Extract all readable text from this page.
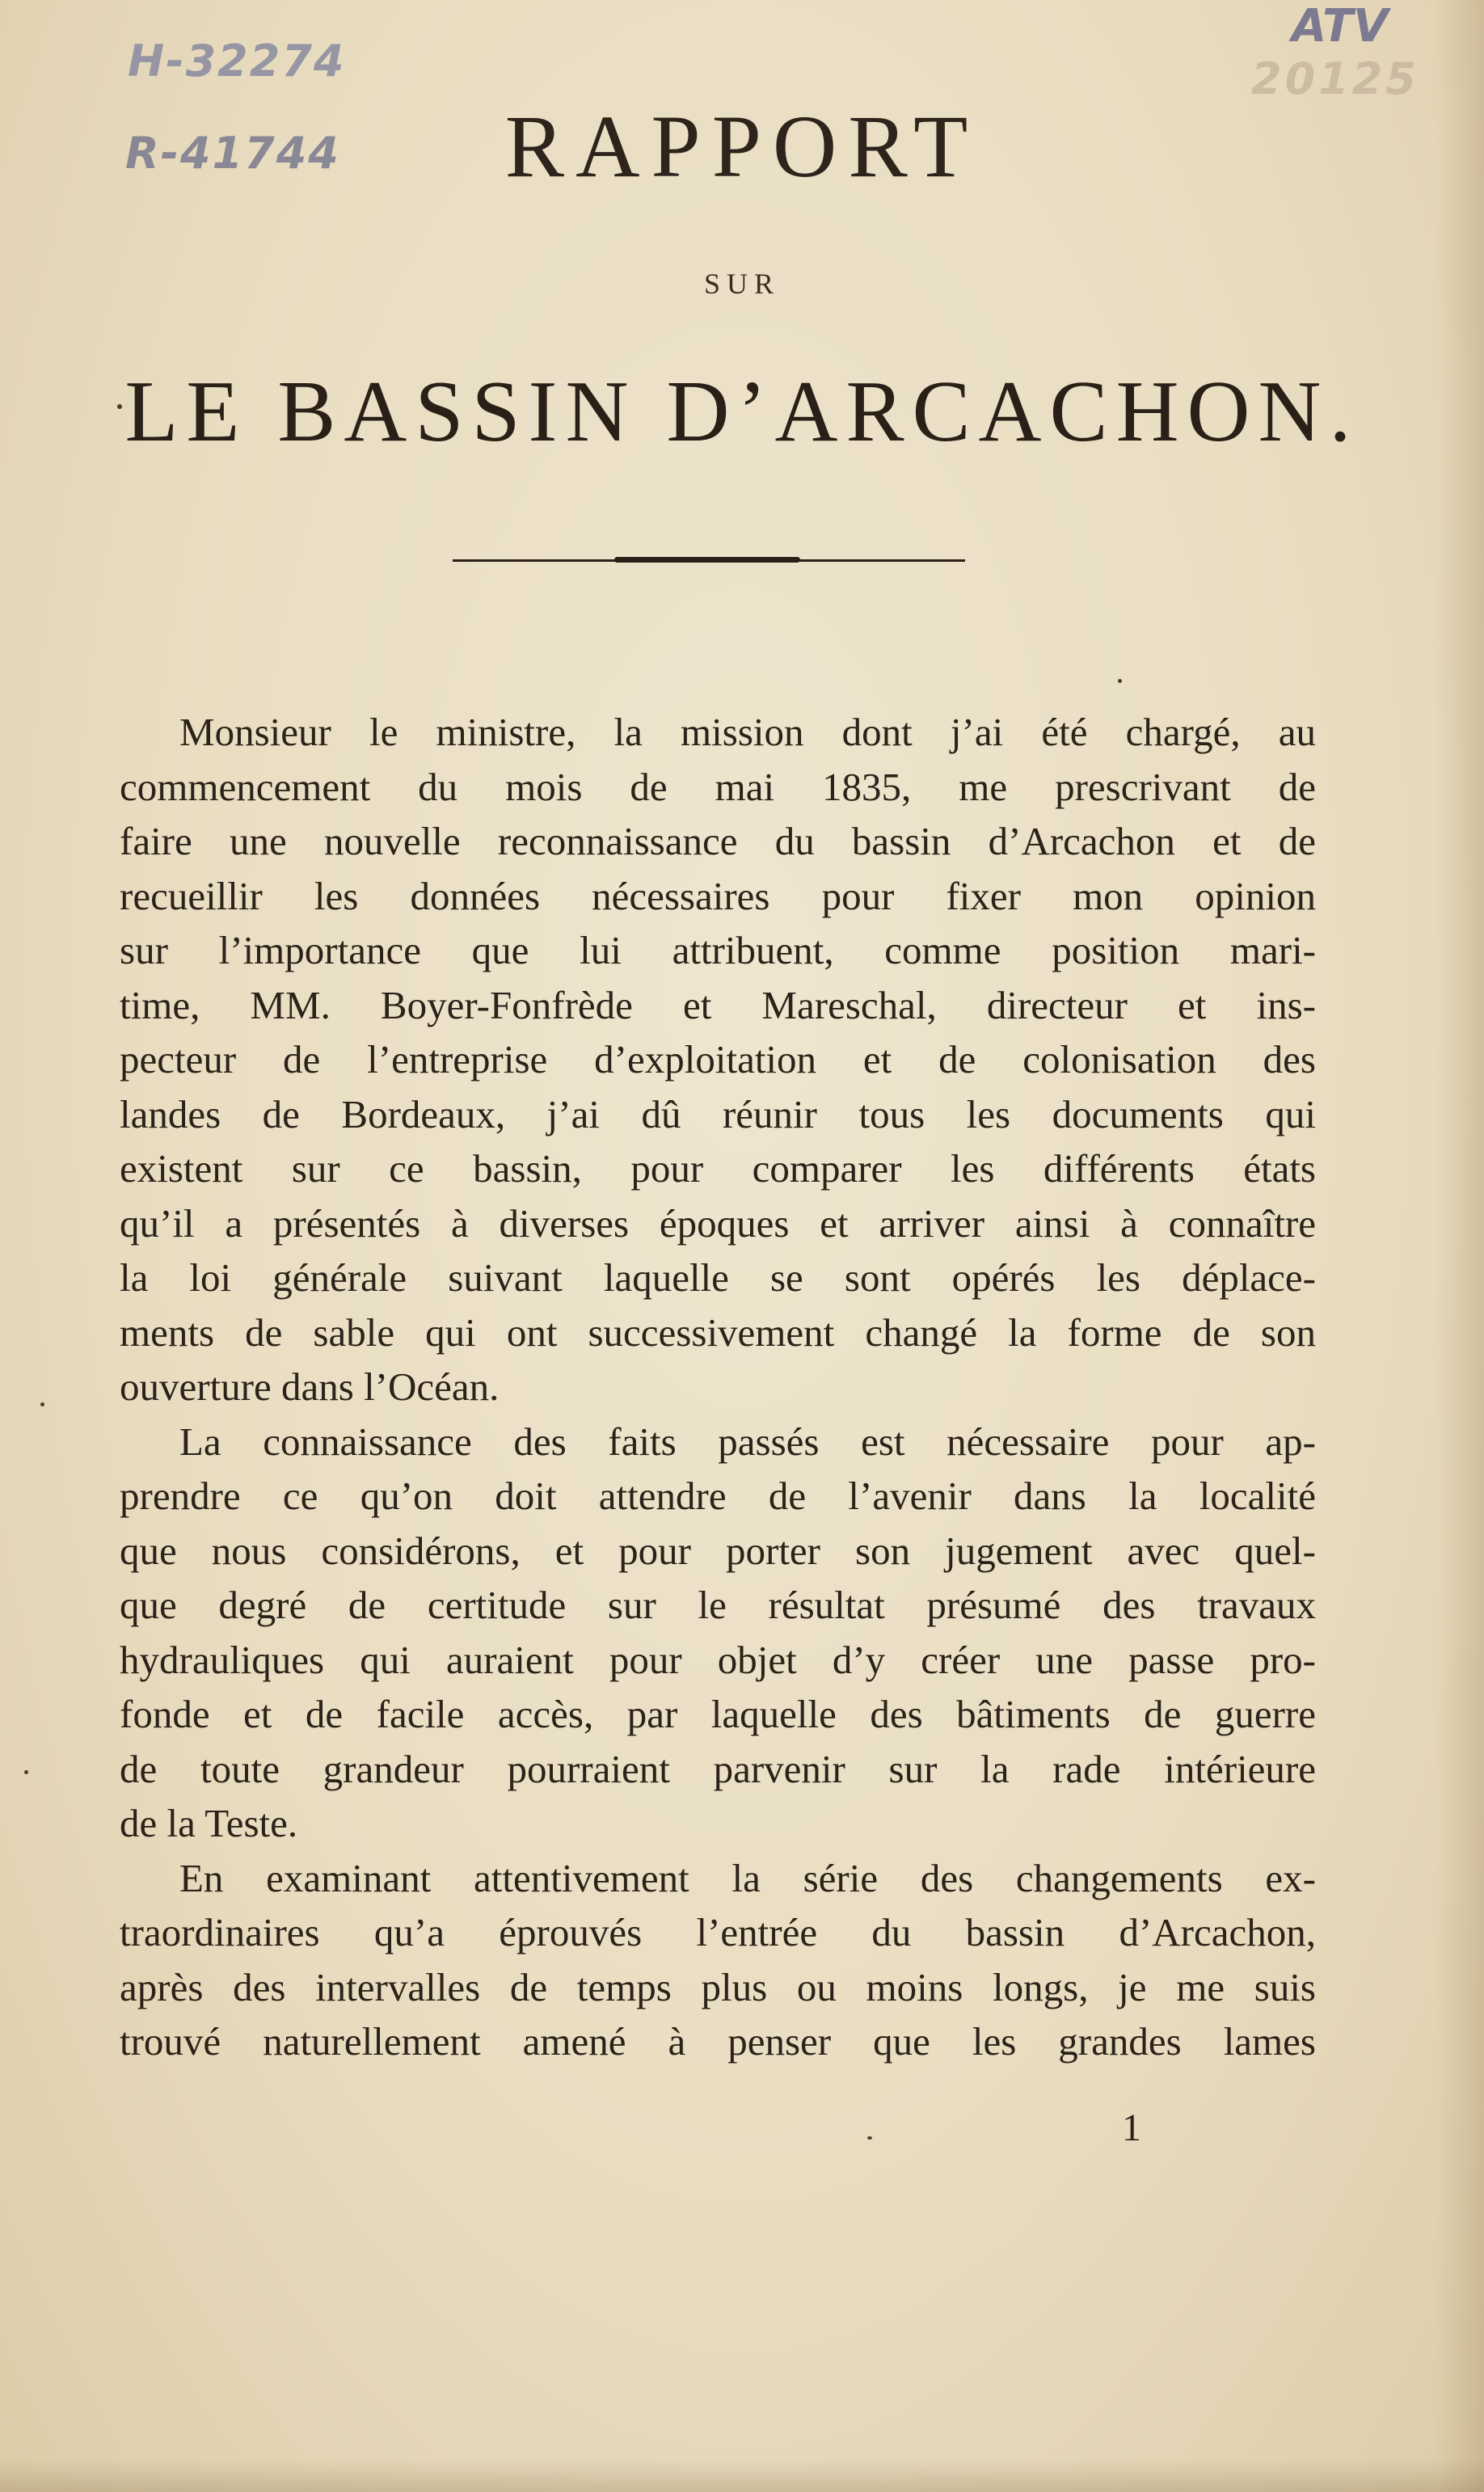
H-32274
R-41744
ATV
20125
RAPPORT
SUR
LE BASSIN D’ARCACHON.
Monsieur le ministre, la mission dont j’ai été chargé, au
commencement du mois de mai 1835, me prescrivant de
faire une nouvelle reconnaissance du bassin d’Arcachon et de
recueillir les données nécessaires pour fixer mon opinion
sur l’importance que lui attribuent, comme position mari-
time, MM. Boyer-Fonfrède et Mareschal, directeur et ins-
pecteur de l’entreprise d’exploitation et de colonisation des
landes de Bordeaux, j’ai dû réunir tous les documents qui
existent sur ce bassin, pour comparer les différents états
qu’il a présentés à diverses époques et arriver ainsi à connaître
la loi générale suivant laquelle se sont opérés les déplace-
ments de sable qui ont successivement changé la forme de son
ouverture dans l’Océan.
La connaissance des faits passés est nécessaire pour ap-
prendre ce qu’on doit attendre de l’avenir dans la localité
que nous considérons, et pour porter son jugement avec quel-
que degré de certitude sur le résultat présumé des travaux
hydrauliques qui auraient pour objet d’y créer une passe pro-
fonde et de facile accès, par laquelle des bâtiments de guerre
de toute grandeur pourraient parvenir sur la rade intérieure
de la Teste.
En examinant attentivement la série des changements ex-
traordinaires qu’a éprouvés l’entrée du bassin d’Arcachon,
après des intervalles de temps plus ou moins longs, je me suis
trouvé naturellement amené à penser que les grandes lames
1
